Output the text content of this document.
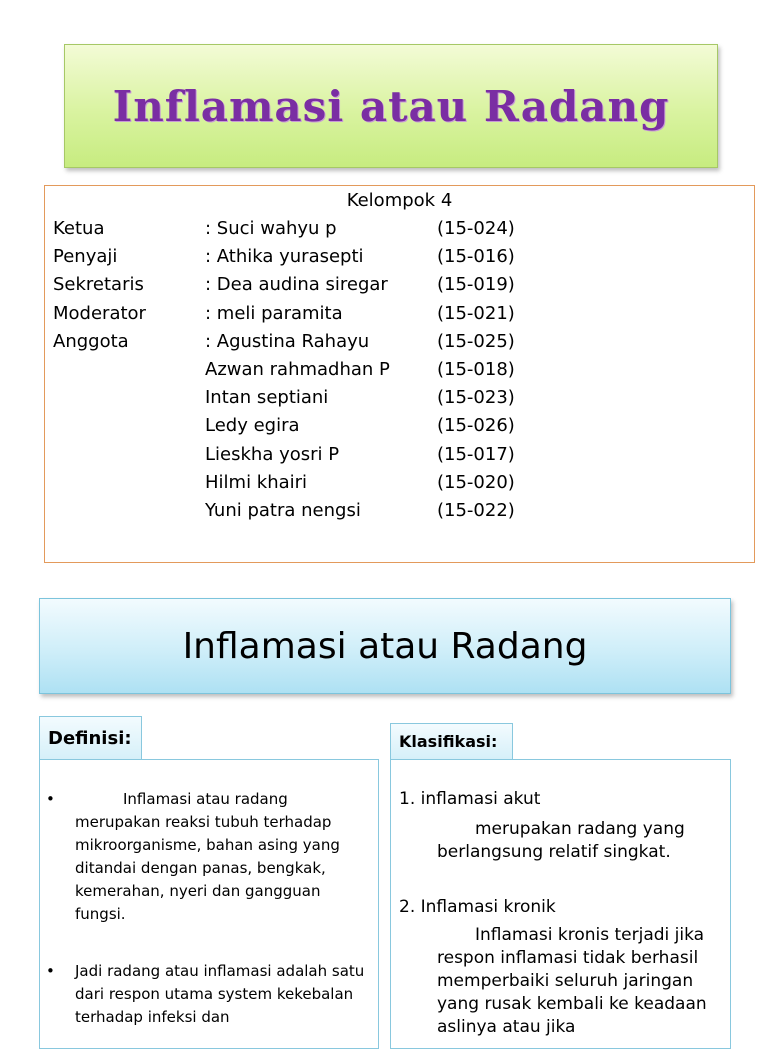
Inflamasi atau Radang
Kelompok 4
Ketua	: Suci wahyu p	(15-024)
Penyaji	: Athika yurasepti	(15-016)
Sekretaris	: Dea audina siregar	(15-019)
Moderator	: meli paramita	(15-021)
Anggota	: Agustina Rahayu	(15-025)
Azwan rahmadhan P	(15-018)
Intan septiani	(15-023)
Ledy egira	(15-026)
Lieskha yosri P	(15-017)
Hilmi khairi	(15-020)
Yuni patra nengsi	(15-022)
Inflamasi atau Radang
Definisi:
•	Inflamasi atau radang merupakan reaksi tubuh terhadap mikroorganisme, bahan asing yang ditandai dengan panas, bengkak, kemerahan, nyeri dan gangguan fungsi.
• Jadi radang atau inflamasi adalah satu dari respon utama system kekebalan terhadap infeksi dan
Klasifikasi:
1. inflamasi akut
merupakan radang yang berlangsung relatif singkat.
2. Inflamasi kronik
Inflamasi kronis terjadi jika respon inflamasi tidak berhasil memperbaiki seluruh jaringan yang rusak kembali ke keadaan aslinya atau jika
